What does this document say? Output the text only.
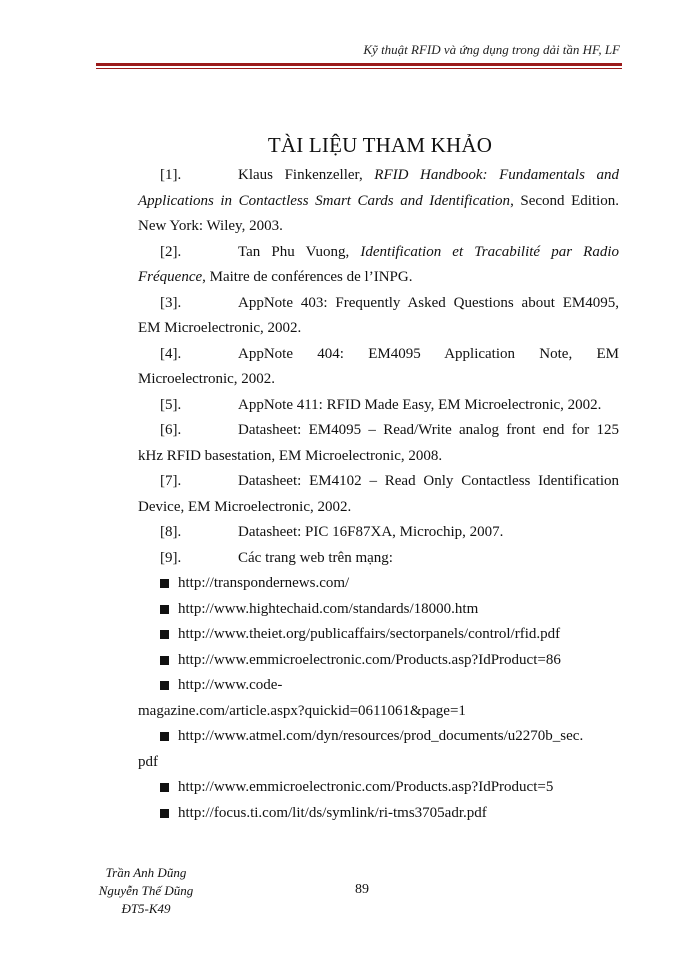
Kỹ thuật RFID và ứng dụng trong dải tần HF, LF
TÀI LIỆU THAM KHẢO
[1].	Klaus Finkenzeller, RFID Handbook: Fundamentals and Applications in Contactless Smart Cards and Identification, Second Edition. New York: Wiley, 2003.
[2].	Tan Phu Vuong, Identification et Tracabilité par Radio Fréquence, Maitre de conférences de l’INPG.
[3].	AppNote 403: Frequently Asked Questions about EM4095, EM Microelectronic, 2002.
[4].	AppNote 404: EM4095 Application Note, EM Microelectronic, 2002.
[5].	AppNote 411: RFID Made Easy, EM Microelectronic, 2002.
[6].	Datasheet: EM4095 – Read/Write analog front end for 125 kHz RFID basestation, EM Microelectronic, 2008.
[7].	Datasheet: EM4102 – Read Only Contactless Identification Device, EM Microelectronic, 2002.
[8].	Datasheet: PIC 16F87XA, Microchip, 2007.
[9].	Các trang web trên mạng:
http://transpondernews.com/
http://www.hightechaid.com/standards/18000.htm
http://www.theiet.org/publicaffairs/sectorpanels/control/rfid.pdf
http://www.emmicroelectronic.com/Products.asp?IdProduct=86
http://www.code-
magazine.com/article.aspx?quickid=0611061&page=1
http://www.atmel.com/dyn/resources/prod_documents/u2270b_sec.
pdf
http://www.emmicroelectronic.com/Products.asp?IdProduct=5
http://focus.ti.com/lit/ds/symlink/ri-tms3705adr.pdf
Trần Anh Dũng
Nguyễn Thế Dũng
ĐT5-K49
89
